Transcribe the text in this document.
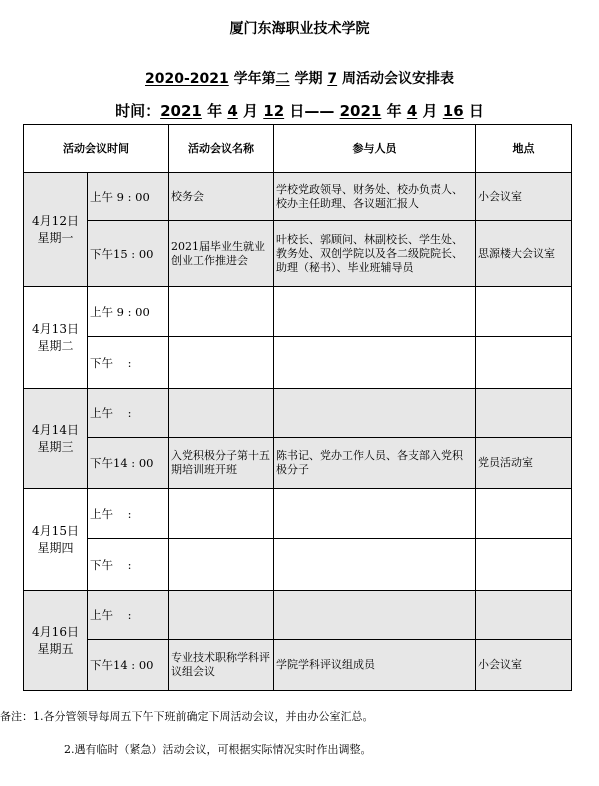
厦门东海职业技术学院
2020-2021 学年第二 学期 7 周活动会议安排表
时间：2021 年 4 月 12 日—— 2021 年 4 月 16 日
活动会议时间		活动会议名称	参与人员	地点

4月12日
星期一	上午 9 : 00	校务会	学校党政领导、财务处、校办负责人、校办主任助理、各议题汇报人	小会议室
	下午15 : 00	2021届毕业生就业创业工作推进会	叶校长、郭顾问、林副校长、学生处、教务处、双创学院以及各二级院院长、助理（秘书）、毕业班辅导员	思源楼大会议室

4月13日
星期二	上午 9 : 00			
	下午    :			

4月14日
星期三	上午    :			
	下午14 : 00	入党积极分子第十五期培训班开班	陈书记、党办工作人员、各支部入党积极分子	党员活动室

4月15日
星期四	上午    :			
	下午    :			

4月16日
星期五	上午    :			
	下午14 : 00	专业技术职称学科评议组会议	学院学科评议组成员	小会议室
备注：1.各分管领导每周五下午下班前确定下周活动会议，并由办公室汇总。
2.遇有临时（紧急）活动会议，可根据实际情况实时作出调整。
